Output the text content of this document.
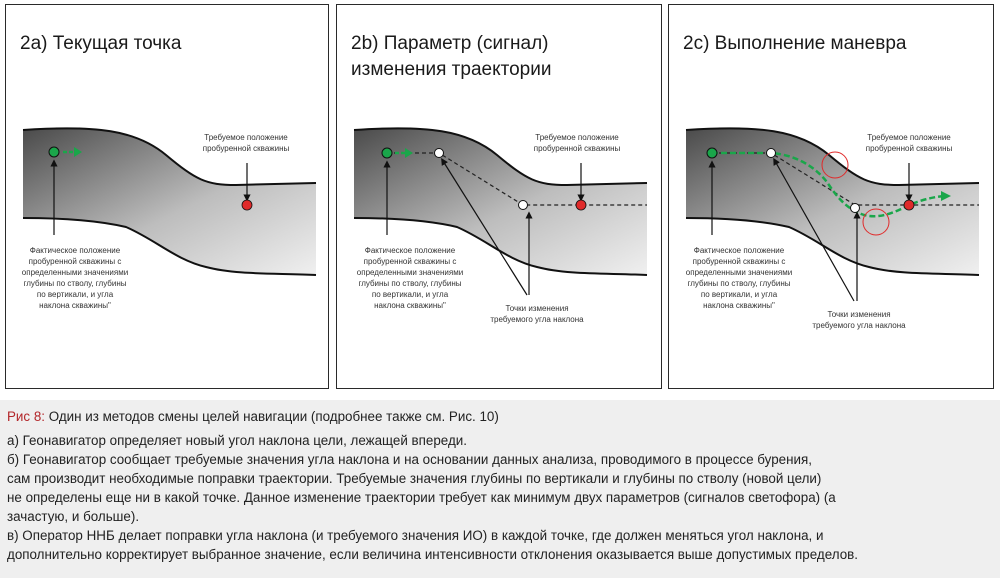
2a) Текущая точка
Требуемое положение
пробуренной скважины
Фактическое положение
пробуренной скважины с
определенными значениями
глубины по стволу, глубины
по вертикали, и угла
наклона скважины"
2b) Параметр (сигнал)
изменения траектории
Требуемое положение
пробуренной скважины
Фактическое положение
пробуренной скважины с
определенными значениями
глубины по стволу, глубины
по вертикали, и угла
наклона скважины"	Точки изменения
требуемого угла наклона
2c) Выполнение маневра
Требуемое положение
пробуренной скважины
Фактическое положение
пробуренной скважины с
определенными значениями
глубины по стволу, глубины
по вертикали, и угла
наклона скважины"
Точки изменения
требуемого угла наклона
Рис 8: Один из методов смены целей навигации (подробнее также см. Рис. 10)
а) Геонавигатор определяет новый угол наклона цели, лежащей впереди.
б) Геонавигатор сообщает требуемые значения угла наклона и на основании данных анализа, проводимого в процессе бурения,
сам производит необходимые поправки траектории. Требуемые значения глубины по вертикали и глубины по стволу (новой цели)
не определены еще ни в какой точке. Данное изменение траектории требует как минимум двух параметров (сигналов светофора) (а
зачастую, и больше).
в) Оператор ННБ делает поправки угла наклона (и требуемого значения ИО) в каждой точке, где должен меняться угол наклона, и
дополнительно корректирует выбранное значение, если величина интенсивности отклонения оказывается выше допустимых пределов.
